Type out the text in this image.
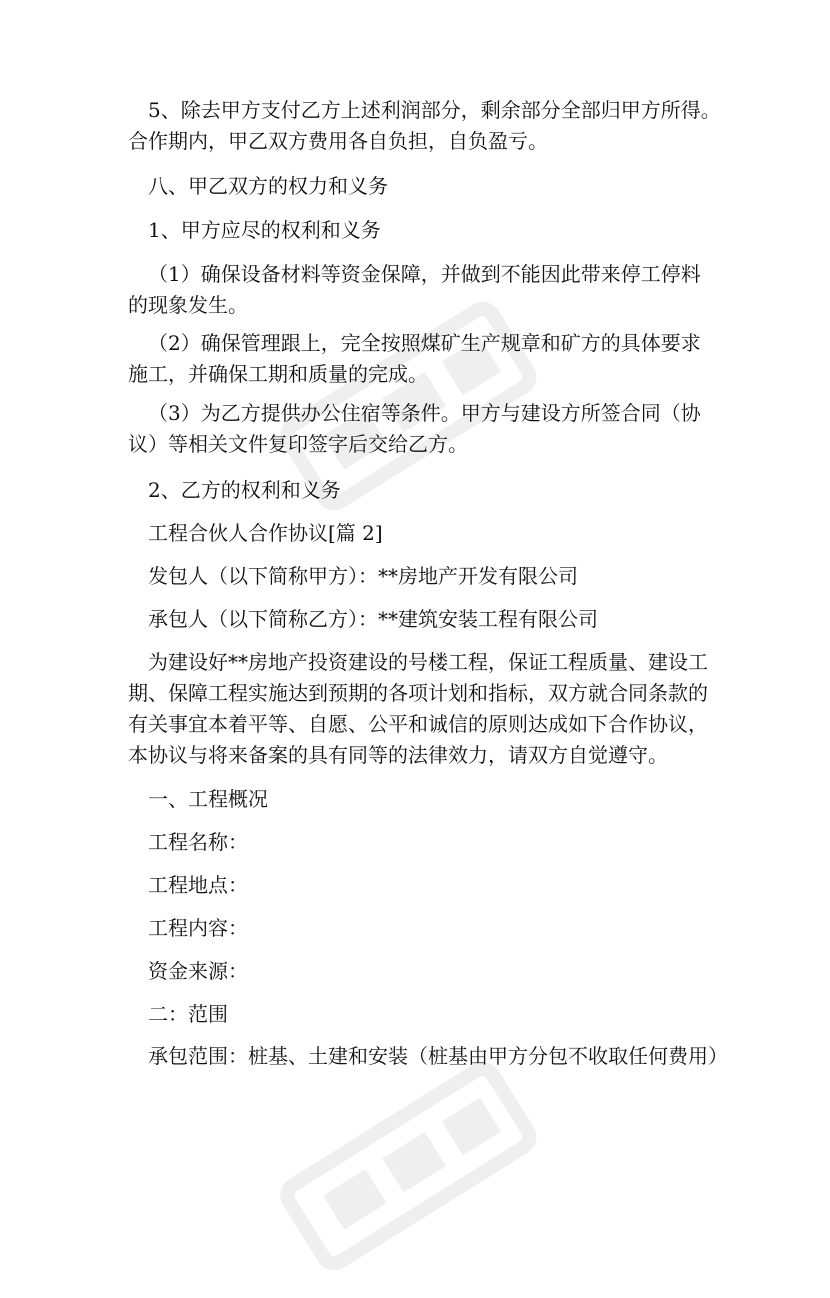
5、除去甲方支付乙方上述利润部分，剩余部分全部归甲方所得。
合作期内，甲乙双方费用各自负担，自负盈亏。
八、甲乙双方的权力和义务
1、甲方应尽的权利和义务
（1）确保设备材料等资金保障，并做到不能因此带来停工停料
的现象发生。
（2）确保管理跟上，完全按照煤矿生产规章和矿方的具体要求
施工，并确保工期和质量的完成。
（3）为乙方提供办公住宿等条件。甲方与建设方所签合同（协
议）等相关文件复印签字后交给乙方。
2、乙方的权利和义务
工程合伙人合作协议[篇 2]
发包人（以下简称甲方）：**房地产开发有限公司
承包人（以下简称乙方）：**建筑安装工程有限公司
为建设好**房地产投资建设的号楼工程，保证工程质量、建设工
期、保障工程实施达到预期的各项计划和指标，双方就合同条款的
有关事宜本着平等、自愿、公平和诚信的原则达成如下合作协议，
本协议与将来备案的具有同等的法律效力，请双方自觉遵守。
一、工程概况
工程名称：
工程地点：
工程内容：
资金来源：
二：范围
承包范围：桩基、土建和安装（桩基由甲方分包不收取任何费用）
